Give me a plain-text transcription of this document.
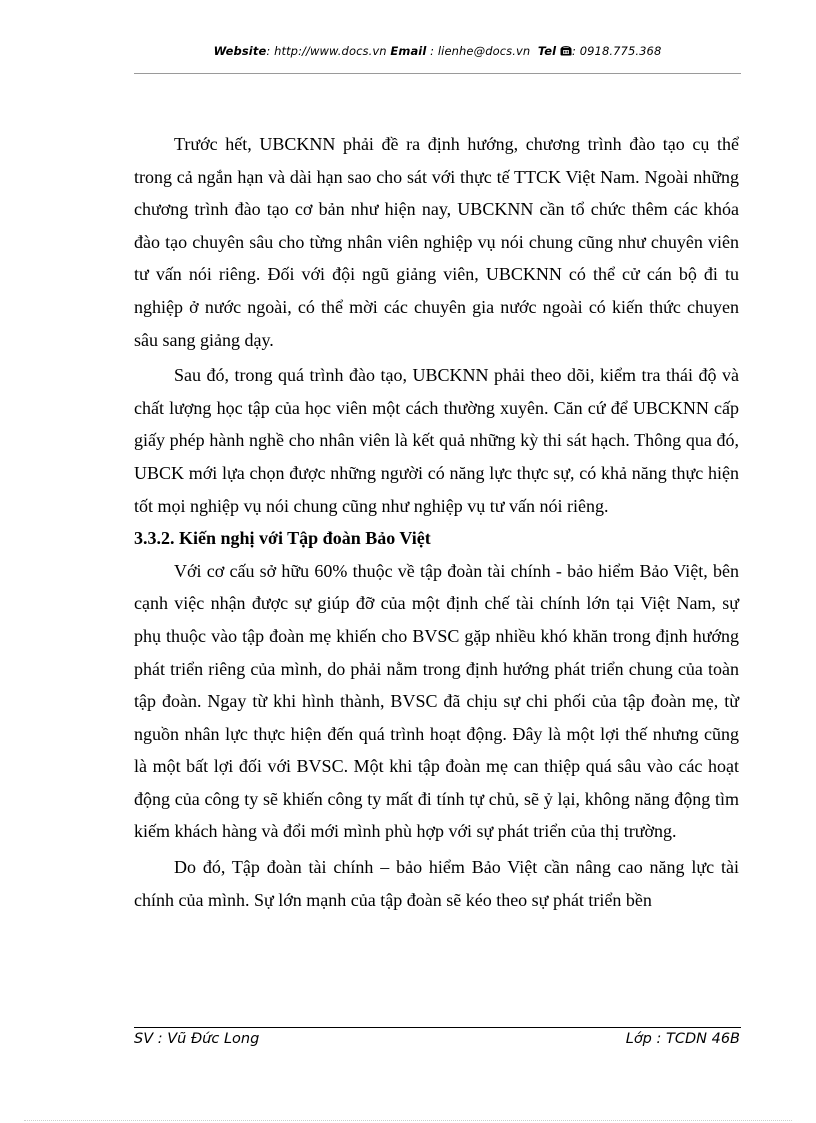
Website: http://www.docs.vn Email : lienhe@docs.vn Tel : 0918.775.368

Trước hết, UBCKNN phải đề ra định hướng, chương trình đào tạo cụ thể trong cả ngắn hạn và dài hạn sao cho sát với thực tế TTCK Việt Nam. Ngoài những chương trình đào tạo cơ bản như hiện nay, UBCKNN cần tổ chức thêm các khóa đào tạo chuyên sâu cho từng nhân viên nghiệp vụ nói chung cũng như chuyên viên tư vấn nói riêng. Đối với đội ngũ giảng viên, UBCKNN có thể cử cán bộ đi tu nghiệp ở nước ngoài, có thể mời các chuyên gia nước ngoài có kiến thức chuyen sâu sang giảng dạy.

Sau đó, trong quá trình đào tạo, UBCKNN phải theo dõi, kiểm tra thái độ và chất lượng học tập của học viên một cách thường xuyên. Căn cứ để UBCKNN cấp giấy phép hành nghề cho nhân viên là kết quả những kỳ thi sát hạch. Thông qua đó, UBCK mới lựa chọn được những người có năng lực thực sự, có khả năng thực hiện tốt mọi nghiệp vụ nói chung cũng như nghiệp vụ tư vấn nói riêng.

3.3.2. Kiến nghị với Tập đoàn Bảo Việt

Với cơ cấu sở hữu 60% thuộc về tập đoàn tài chính - bảo hiểm Bảo Việt, bên cạnh việc nhận được sự giúp đỡ của một định chế tài chính lớn tại Việt Nam, sự phụ thuộc vào tập đoàn mẹ khiến cho BVSC gặp nhiều khó khăn trong định hướng phát triển riêng của mình, do phải nằm trong định hướng phát triển chung của toàn tập đoàn. Ngay từ khi hình thành, BVSC đã chịu sự chi phối của tập đoàn mẹ, từ nguồn nhân lực thực hiện đến quá trình hoạt động. Đây là một lợi thế nhưng cũng là một bất lợi đối với BVSC. Một khi tập đoàn mẹ can thiệp quá sâu vào các hoạt động của công ty sẽ khiến công ty mất đi tính tự chủ, sẽ ỷ lại, không năng động tìm kiếm khách hàng và đổi mới mình phù hợp với sự phát triển của thị trường.

Do đó, Tập đoàn tài chính – bảo hiểm Bảo Việt cần nâng cao năng lực tài chính của mình. Sự lớn mạnh của tập đoàn sẽ kéo theo sự phát triển bền

SV : Vũ Đức Long	Lớp : TCDN 46B
